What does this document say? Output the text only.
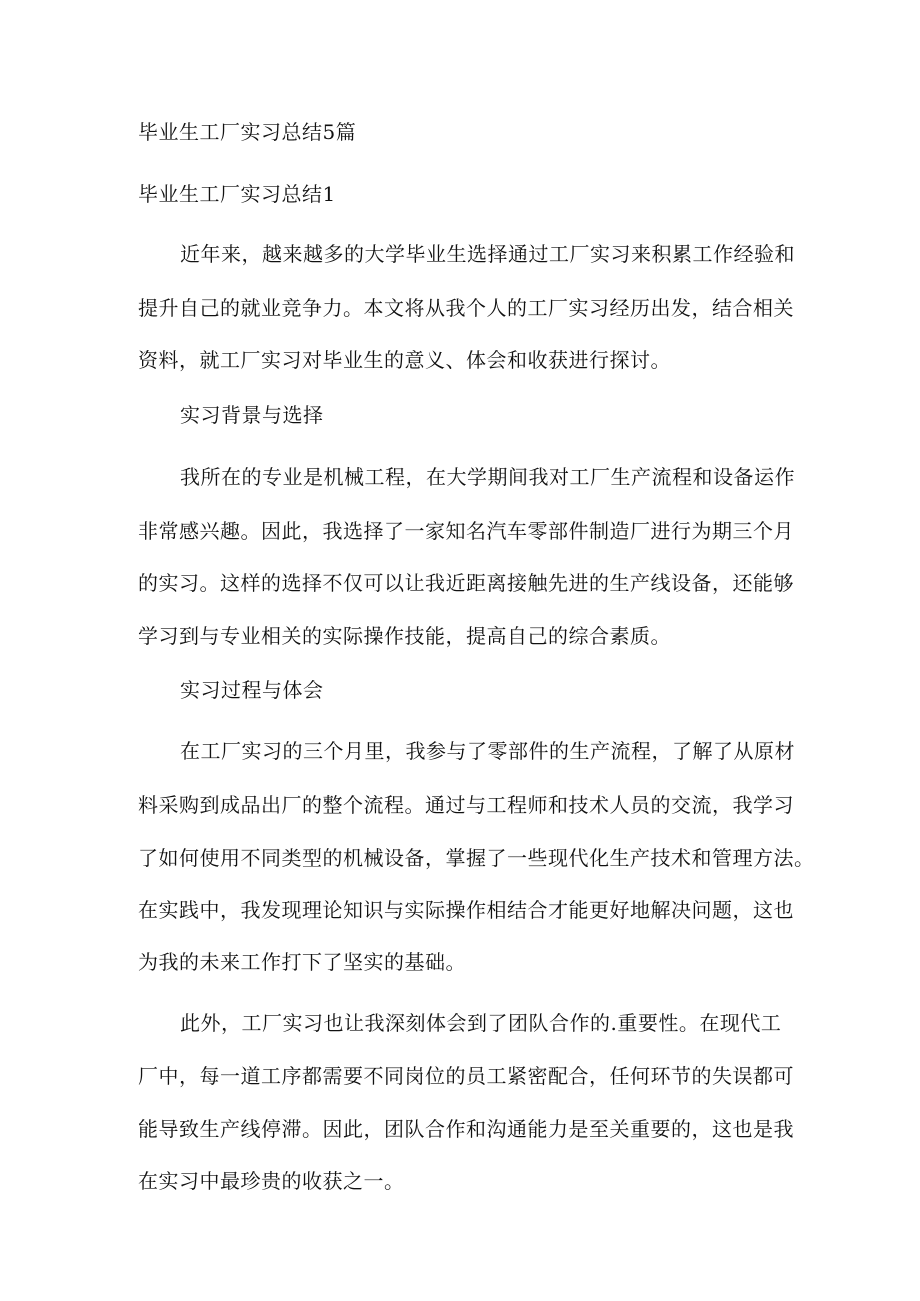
毕业生工厂实习总结5篇
毕业生工厂实习总结1
近年来，越来越多的大学毕业生选择通过工厂实习来积累工作经验和
提升自己的就业竞争力。本文将从我个人的工厂实习经历出发，结合相关
资料，就工厂实习对毕业生的意义、体会和收获进行探讨。
实习背景与选择
我所在的专业是机械工程，在大学期间我对工厂生产流程和设备运作
非常感兴趣。因此，我选择了一家知名汽车零部件制造厂进行为期三个月
的实习。这样的选择不仅可以让我近距离接触先进的生产线设备，还能够
学习到与专业相关的实际操作技能，提高自己的综合素质。
实习过程与体会
在工厂实习的三个月里，我参与了零部件的生产流程，了解了从原材
料采购到成品出厂的整个流程。通过与工程师和技术人员的交流，我学习
了如何使用不同类型的机械设备，掌握了一些现代化生产技术和管理方法。
在实践中，我发现理论知识与实际操作相结合才能更好地解决问题，这也
为我的未来工作打下了坚实的基础。
此外，工厂实习也让我深刻体会到了团队合作的.重要性。在现代工
厂中，每一道工序都需要不同岗位的员工紧密配合，任何环节的失误都可
能导致生产线停滞。因此，团队合作和沟通能力是至关重要的，这也是我
在实习中最珍贵的收获之一。
